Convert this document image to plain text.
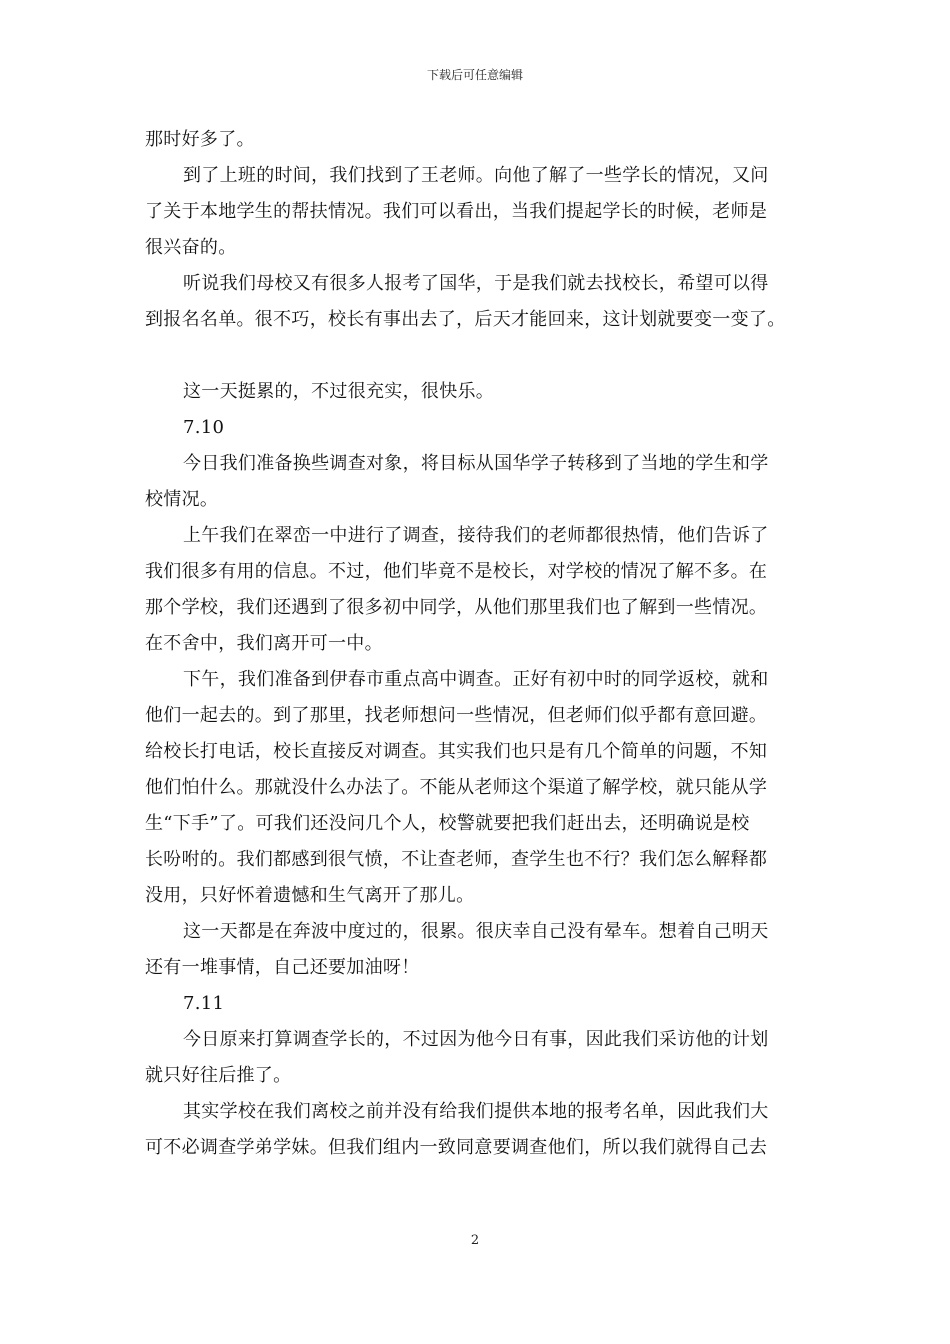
下载后可任意编辑
那时好多了。
到了上班的时间，我们找到了王老师。向他了解了一些学长的情况，又问
了关于本地学生的帮扶情况。我们可以看出，当我们提起学长的时候，老师是
很兴奋的。
听说我们母校又有很多人报考了国华，于是我们就去找校长，希望可以得
到报名名单。很不巧，校长有事出去了，后天才能回来，这计划就要变一变了。
这一天挺累的，不过很充实，很快乐。
7.10
今日我们准备换些调查对象，将目标从国华学子转移到了当地的学生和学
校情况。
上午我们在翠峦一中进行了调查，接待我们的老师都很热情，他们告诉了
我们很多有用的信息。不过，他们毕竟不是校长，对学校的情况了解不多。在
那个学校，我们还遇到了很多初中同学，从他们那里我们也了解到一些情况。
在不舍中，我们离开可一中。
下午，我们准备到伊春市重点高中调查。正好有初中时的同学返校，就和
他们一起去的。到了那里，找老师想问一些情况，但老师们似乎都有意回避。
给校长打电话，校长直接反对调查。其实我们也只是有几个简单的问题，不知
他们怕什么。那就没什么办法了。不能从老师这个渠道了解学校，就只能从学
生“下手”了。可我们还没问几个人，校警就要把我们赶出去，还明确说是校
长吩咐的。我们都感到很气愤，不让查老师，查学生也不行？我们怎么解释都
没用，只好怀着遗憾和生气离开了那儿。
这一天都是在奔波中度过的，很累。很庆幸自己没有晕车。想着自己明天
还有一堆事情，自己还要加油呀！
7.11
今日原来打算调查学长的，不过因为他今日有事，因此我们采访他的计划
就只好往后推了。
其实学校在我们离校之前并没有给我们提供本地的报考名单，因此我们大
可不必调查学弟学妹。但我们组内一致同意要调查他们，所以我们就得自己去
2
